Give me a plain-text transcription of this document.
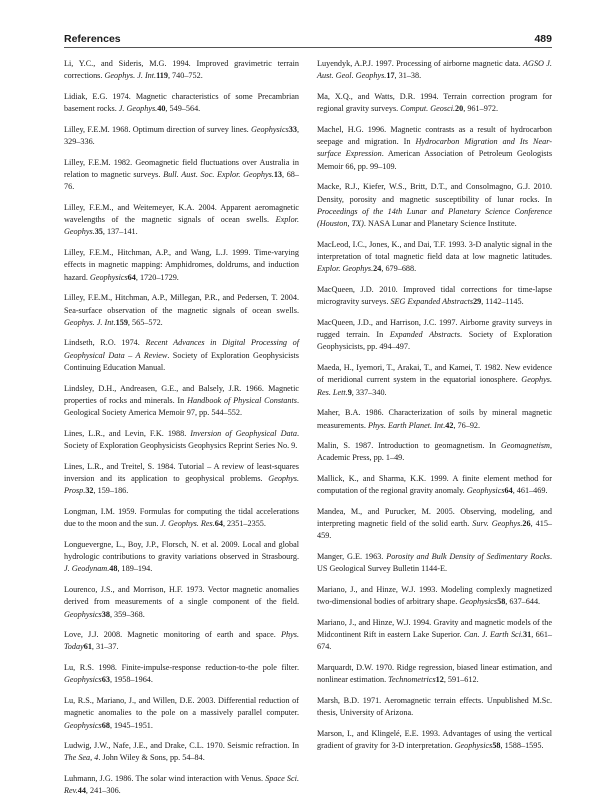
References	489

Li, Y.C., and Sideris, M.G. 1994. Improved gravimetric terrain corrections. Geophys. J. Int.119, 740–752.

Lidiak, E.G. 1974. Magnetic characteristics of some Precambrian basement rocks. J. Geophys.40, 549–564.

Lilley, F.E.M. 1968. Optimum direction of survey lines. Geophysics33, 329–336.

Lilley, F.E.M. 1982. Geomagnetic field fluctuations over Australia in relation to magnetic surveys. Bull. Aust. Soc. Explor. Geophys.13, 68–76.

Lilley, F.E.M., and Weitemeyer, K.A. 2004. Apparent aeromagnetic wavelengths of the magnetic signals of ocean swells. Explor. Geophys.35, 137–141.

Lilley, F.E.M., Hitchman, A.P., and Wang, L.J. 1999. Time-varying effects in magnetic mapping: Amphidromes, doldrums, and induction hazard. Geophysics64, 1720–1729.

Lilley, F.E.M., Hitchman, A.P., Millegan, P.R., and Pedersen, T. 2004. Sea-surface observation of the magnetic signals of ocean swells. Geophys. J. Int.159, 565–572.

Lindseth, R.O. 1974. Recent Advances in Digital Processing of Geophysical Data – A Review. Society of Exploration Geophysicists Continuing Education Manual.

Lindsley, D.H., Andreasen, G.E., and Balsely, J.R. 1966. Magnetic properties of rocks and minerals. In Handbook of Physical Constants. Geological Society America Memoir 97, pp. 544–552.

Lines, L.R., and Levin, F.K. 1988. Inversion of Geophysical Data. Society of Exploration Geophysicists Geophysics Reprint Series No. 9.

Lines, L.R., and Treitel, S. 1984. Tutorial – A review of least-squares inversion and its application to geophysical problems. Geophys. Prosp.32, 159–186.

Longman, I.M. 1959. Formulas for computing the tidal accelerations due to the moon and the sun. J. Geophys. Res.64, 2351–2355.

Longuevergne, L., Boy, J.P., Florsch, N. et al. 2009. Local and global hydrologic contributions to gravity variations observed in Strasbourg. J. Geodynam.48, 189–194.

Lourenco, J.S., and Morrison, H.F. 1973. Vector magnetic anomalies derived from measurements of a single component of the field. Geophysics38, 359–368.

Love, J.J. 2008. Magnetic monitoring of earth and space. Phys. Today61, 31–37.

Lu, R.S. 1998. Finite-impulse-response reduction-to-the pole filter. Geophysics63, 1958–1964.

Lu, R.S., Mariano, J., and Willen, D.E. 2003. Differential reduction of magnetic anomalies to the pole on a massively parallel computer. Geophysics68, 1945–1951.

Ludwig, J.W., Nafe, J.E., and Drake, C.L. 1970. Seismic refraction. In The Sea, 4. John Wiley & Sons, pp. 54–84.

Luhmann, J.G. 1986. The solar wind interaction with Venus. Space Sci. Rev.44, 241–306.

Luyendyk, A.P.J. 1997. Processing of airborne magnetic data. AGSO J. Aust. Geol. Geophys.17, 31–38.

Ma, X.Q., and Watts, D.R. 1994. Terrain correction program for regional gravity surveys. Comput. Geosci.20, 961–972.

Machel, H.G. 1996. Magnetic contrasts as a result of hydrocarbon seepage and migration. In Hydrocarbon Migration and Its Near-surface Expression. American Association of Petroleum Geologists Memoir 66, pp. 99–109.

Macke, R.J., Kiefer, W.S., Britt, D.T., and Consolmagno, G.J. 2010. Density, porosity and magnetic susceptibility of lunar rocks. In Proceedings of the 14th Lunar and Planetary Science Conference (Houston, TX). NASA Lunar and Planetary Science Institute.

MacLeod, I.C., Jones, K., and Dai, T.F. 1993. 3-D analytic signal in the interpretation of total magnetic field data at low magnetic latitudes. Explor. Geophys.24, 679–688.

MacQueen, J.D. 2010. Improved tidal corrections for time-lapse microgravity surveys. SEG Expanded Abstracts29, 1142–1145.

MacQueen, J.D., and Harrison, J.C. 1997. Airborne gravity surveys in rugged terrain. In Expanded Abstracts. Society of Exploration Geophysicists, pp. 494–497.

Maeda, H., Iyemori, T., Arakai, T., and Kamei, T. 1982. New evidence of meridional current system in the equatorial ionosphere. Geophys. Res. Lett.9, 337–340.

Maher, B.A. 1986. Characterization of soils by mineral magnetic measurements. Phys. Earth Planet. Int.42, 76–92.

Malin, S. 1987. Introduction to geomagnetism. In Geomagnetism, Academic Press, pp. 1–49.

Mallick, K., and Sharma, K.K. 1999. A finite element method for computation of the regional gravity anomaly. Geophysics64, 461–469.

Mandea, M., and Purucker, M. 2005. Observing, modeling, and interpreting magnetic field of the solid earth. Surv. Geophys.26, 415–459.

Manger, G.E. 1963. Porosity and Bulk Density of Sedimentary Rocks. US Geological Survey Bulletin 1144-E.

Mariano, J., and Hinze, W.J. 1993. Modeling complexly magnetized two-dimensional bodies of arbitrary shape. Geophysics58, 637–644.

Mariano, J., and Hinze, W.J. 1994. Gravity and magnetic models of the Midcontinent Rift in eastern Lake Superior. Can. J. Earth Sci.31, 661–674.

Marquardt, D.W. 1970. Ridge regression, biased linear estimation, and nonlinear estimation. Technometrics12, 591–612.

Marsh, B.D. 1971. Aeromagnetic terrain effects. Unpublished M.Sc. thesis, University of Arizona.

Marson, I., and Klingelé, E.E. 1993. Advantages of using the vertical gradient of gravity for 3-D interpretation. Geophysics58, 1588–1595.
